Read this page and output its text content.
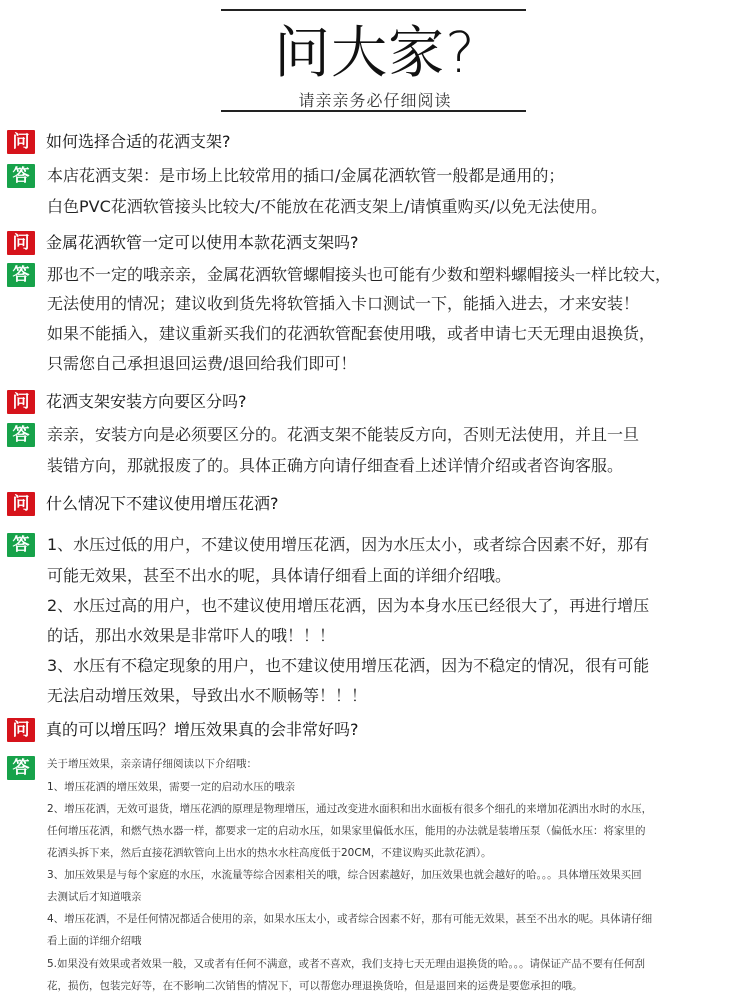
问大家?
请亲亲务必仔细阅读
问	如何选择合适的花洒支架?
答	本店花洒支架：是市场上比较常用的插口/金属花洒软管一般都是通用的；
白色PVC花洒软管接头比较大/不能放在花洒支架上/请慎重购买/以免无法使用。
问	金属花洒软管一定可以使用本款花洒支架吗?
答	那也不一定的哦亲亲，金属花洒软管螺帽接头也可能有少数和塑料螺帽接头一样比较大，
无法使用的情况；建议收到货先将软管插入卡口测试一下，能插入进去，才来安装！
如果不能插入，建议重新买我们的花洒软管配套使用哦，或者申请七天无理由退换货，
只需您自己承担退回运费/退回给我们即可！
问	花洒支架安装方向要区分吗?
答	亲亲，安装方向是必须要区分的。花洒支架不能装反方向，否则无法使用，并且一旦
装错方向，那就报废了的。具体正确方向请仔细查看上述详情介绍或者咨询客服。
问	什么情况下不建议使用增压花洒?
答	1、水压过低的用户，不建议使用增压花洒，因为水压太小，或者综合因素不好，那有
可能无效果，甚至不出水的呢，具体请仔细看上面的详细介绍哦。
2、水压过高的用户，也不建议使用增压花洒，因为本身水压已经很大了，再进行增压
的话，那出水效果是非常吓人的哦！！！
3、水压有不稳定现象的用户，也不建议使用增压花洒，因为不稳定的情况，很有可能
无法启动增压效果，导致出水不顺畅等！！！
问	真的可以增压吗？增压效果真的会非常好吗?
答	关于增压效果，亲亲请仔细阅读以下介绍哦：
1、增压花洒的增压效果，需要一定的启动水压的哦亲
2、增压花洒，无效可退货，增压花洒的原理是物理增压，通过改变进水面积和出水面板有很多个细孔的来增加花洒出水时的水压，
任何增压花洒，和燃气热水器一样，都要求一定的启动水压，如果家里偏低水压，能用的办法就是装增压泵（偏低水压：将家里的
花洒头拆下来，然后直接花洒软管向上出水的热水水柱高度低于20CM，不建议购买此款花洒）。
3、加压效果是与每个家庭的水压，水流量等综合因素相关的哦，综合因素越好，加压效果也就会越好的哈。。。具体增压效果买回
去测试后才知道哦亲
4、增压花洒，不是任何情况都适合使用的亲，如果水压太小，或者综合因素不好，那有可能无效果，甚至不出水的呢。具体请仔细
看上面的详细介绍哦
5.如果没有效果或者效果一般，又或者有任何不满意，或者不喜欢，我们支持七天无理由退换货的哈。。。请保证产品不要有任何刮
花，损伤，包装完好等，在不影响二次销售的情况下，可以帮您办理退换货哈，但是退回来的运费是要您承担的哦。
